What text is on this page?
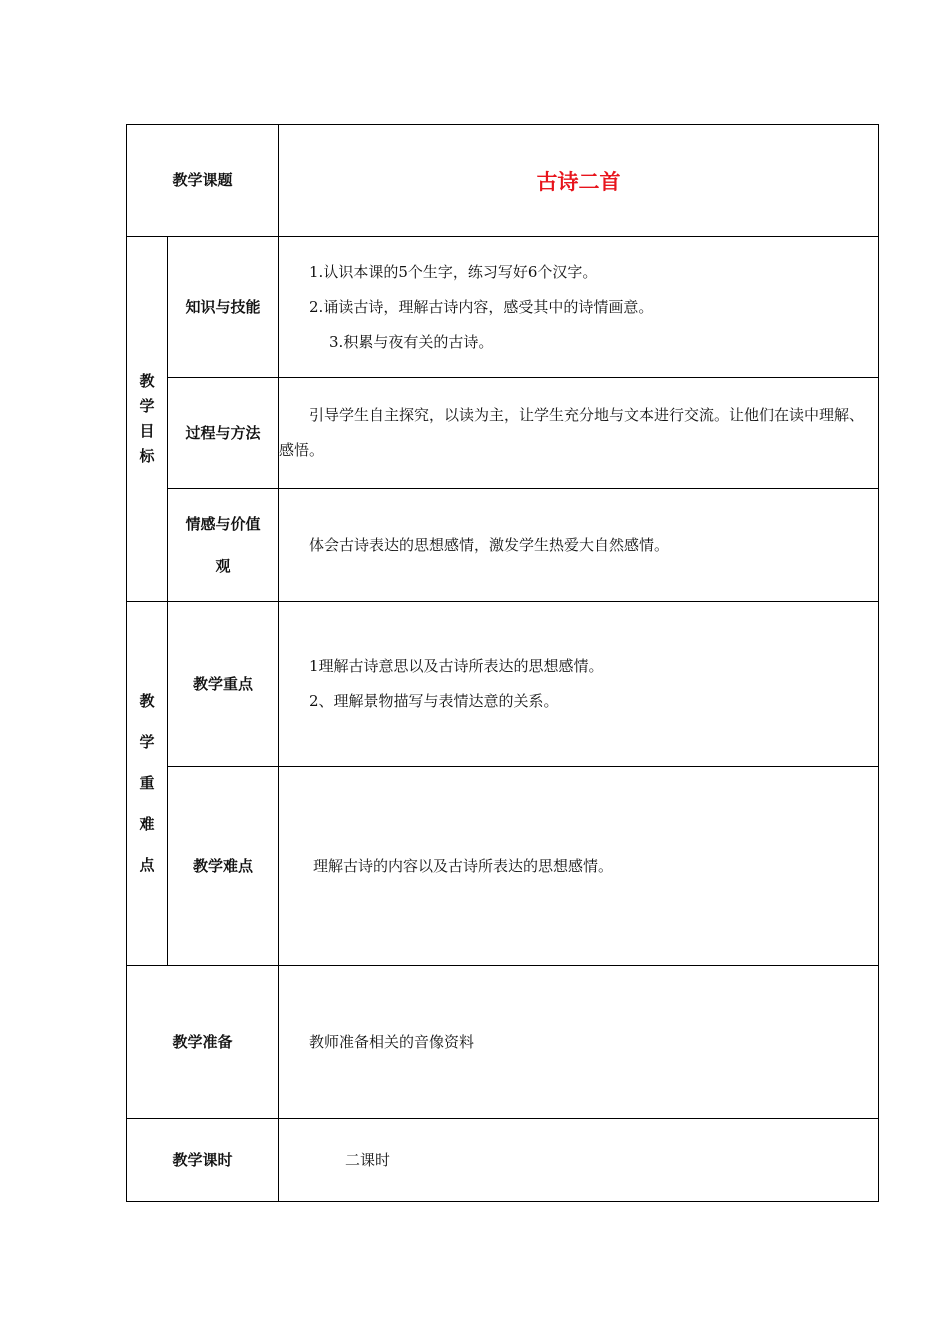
教学课题		古诗二首

教
学
目
标	知识与技能	1.认识本课的5个生字，练习写好6个汉字。
2.诵读古诗，理解古诗内容，感受其中的诗情画意。
3.积累与夜有关的古诗。

	过程与方法	引导学生自主探究，以读为主，让学生充分地与文本进行交流。让他们在读中理解、感悟。

	情感与价值
观	体会古诗表达的思想感情，激发学生热爱大自然感情。

教
学
重
难
点	教学重点	1理解古诗意思以及古诗所表达的思想感情。
2、理解景物描写与表情达意的关系。

	教学难点	理解古诗的内容以及古诗所表达的思想感情。

教学准备		教师准备相关的音像资料

教学课时		二课时
